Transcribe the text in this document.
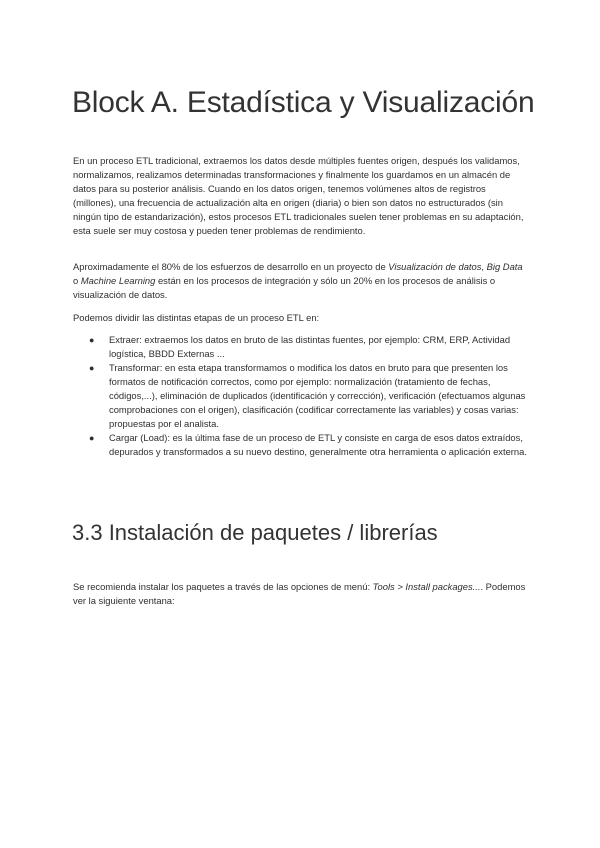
Block A. Estadística y Visualización

En un proceso ETL tradicional, extraemos los datos desde múltiples fuentes origen, después los validamos, normalizamos, realizamos determinadas transformaciones y finalmente los guardamos en un almacén de datos para su posterior análisis. Cuando en los datos origen, tenemos volúmenes altos de registros (millones), una frecuencia de actualización alta en origen (diaria) o bien son datos no estructurados (sin ningún tipo de estandarización), estos procesos ETL tradicionales suelen tener problemas en su adaptación, esta suele ser muy costosa y pueden tener problemas de rendimiento.

Aproximadamente el 80% de los esfuerzos de desarrollo en un proyecto de Visualización de datos, Big Data o Machine Learning están en los procesos de integración y sólo un 20% en los procesos de análisis o visualización de datos.

Podemos dividir las distintas etapas de un proceso ETL en:

● Extraer: extraemos los datos en bruto de las distintas fuentes, por ejemplo: CRM, ERP, Actividad logística, BBDD Externas ...
● Transformar: en esta etapa transformamos o modifica los datos en bruto para que presenten los formatos de notificación correctos, como por ejemplo: normalización (tratamiento de fechas, códigos,...), eliminación de duplicados (identificación y corrección), verificación (efectuamos algunas comprobaciones con el origen), clasificación (codificar correctamente las variables) y cosas varias: propuestas por el analista.
● Cargar (Load): es la última fase de un proceso de ETL y consiste en carga de esos datos extraídos, depurados y transformados a su nuevo destino, generalmente otra herramienta o aplicación externa.
3.3 Instalación de paquetes / librerías

Se recomienda instalar los paquetes a través de las opciones de menú: Tools > Install packages.... Podemos ver la siguiente ventana:
